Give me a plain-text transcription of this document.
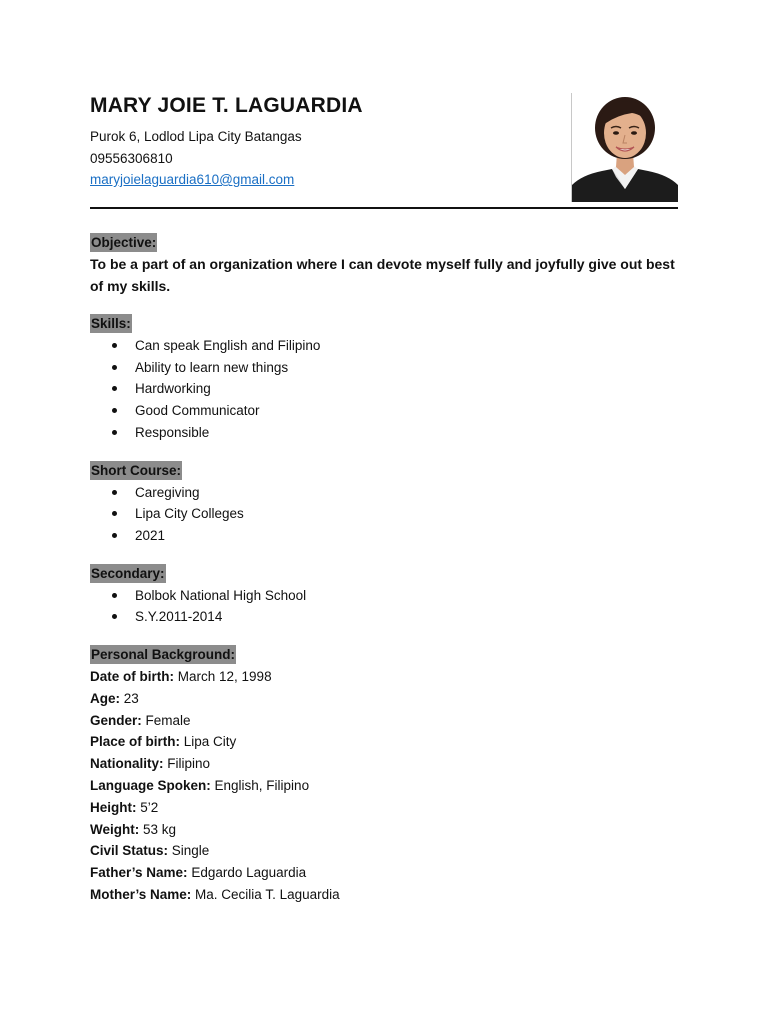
MARY JOIE T. LAGUARDIA
Purok 6, Lodlod Lipa City Batangas
09556306810
maryjoielaguardia610@gmail.com
Objective:
To be a part of an organization where I can devote myself fully and joyfully give out best of my skills.
Skills:
Can speak English and Filipino
Ability to learn new things
Hardworking
Good Communicator
Responsible
Short Course:
Caregiving
Lipa City Colleges
2021
Secondary:
Bolbok National High School
S.Y.2011-2014
Personal Background:
Date of birth: March 12, 1998
Age: 23
Gender: Female
Place of birth: Lipa City
Nationality: Filipino
Language Spoken: English, Filipino
Height: 5’2
Weight: 53 kg
Civil Status: Single
Father’s Name: Edgardo Laguardia
Mother’s Name: Ma. Cecilia T. Laguardia
